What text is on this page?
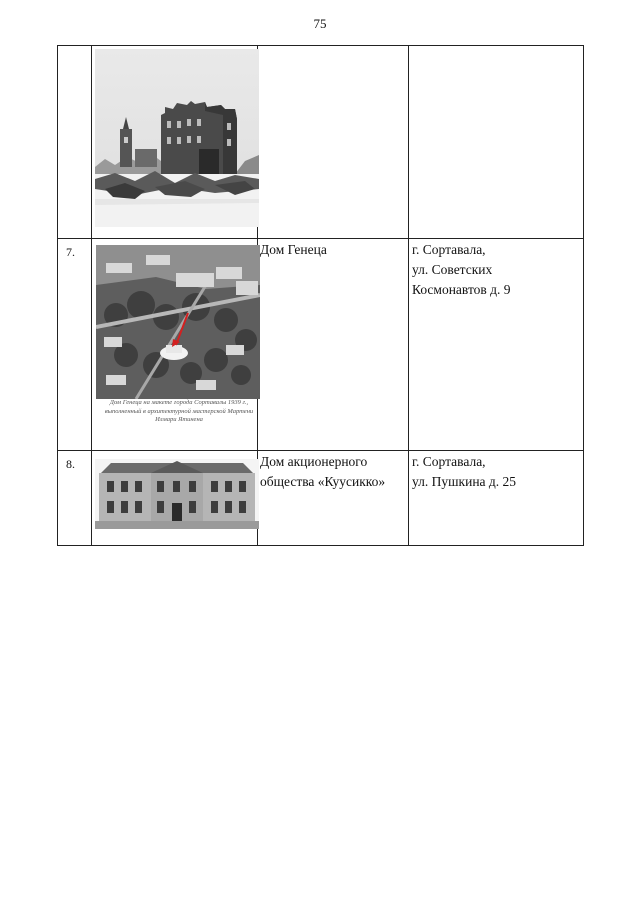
75

7.	Дом Генеца на макете города Сортавалы 1939 г., выполненный в архитектурной мастерской Мартени Илмари Ятинена	Дом Генеца	г. Сортавала,
ул. Советских
Космонавтов д. 9

8.		Дом акционерного общества «Куусикко»	г. Сортавала,
ул. Пушкина д. 25
